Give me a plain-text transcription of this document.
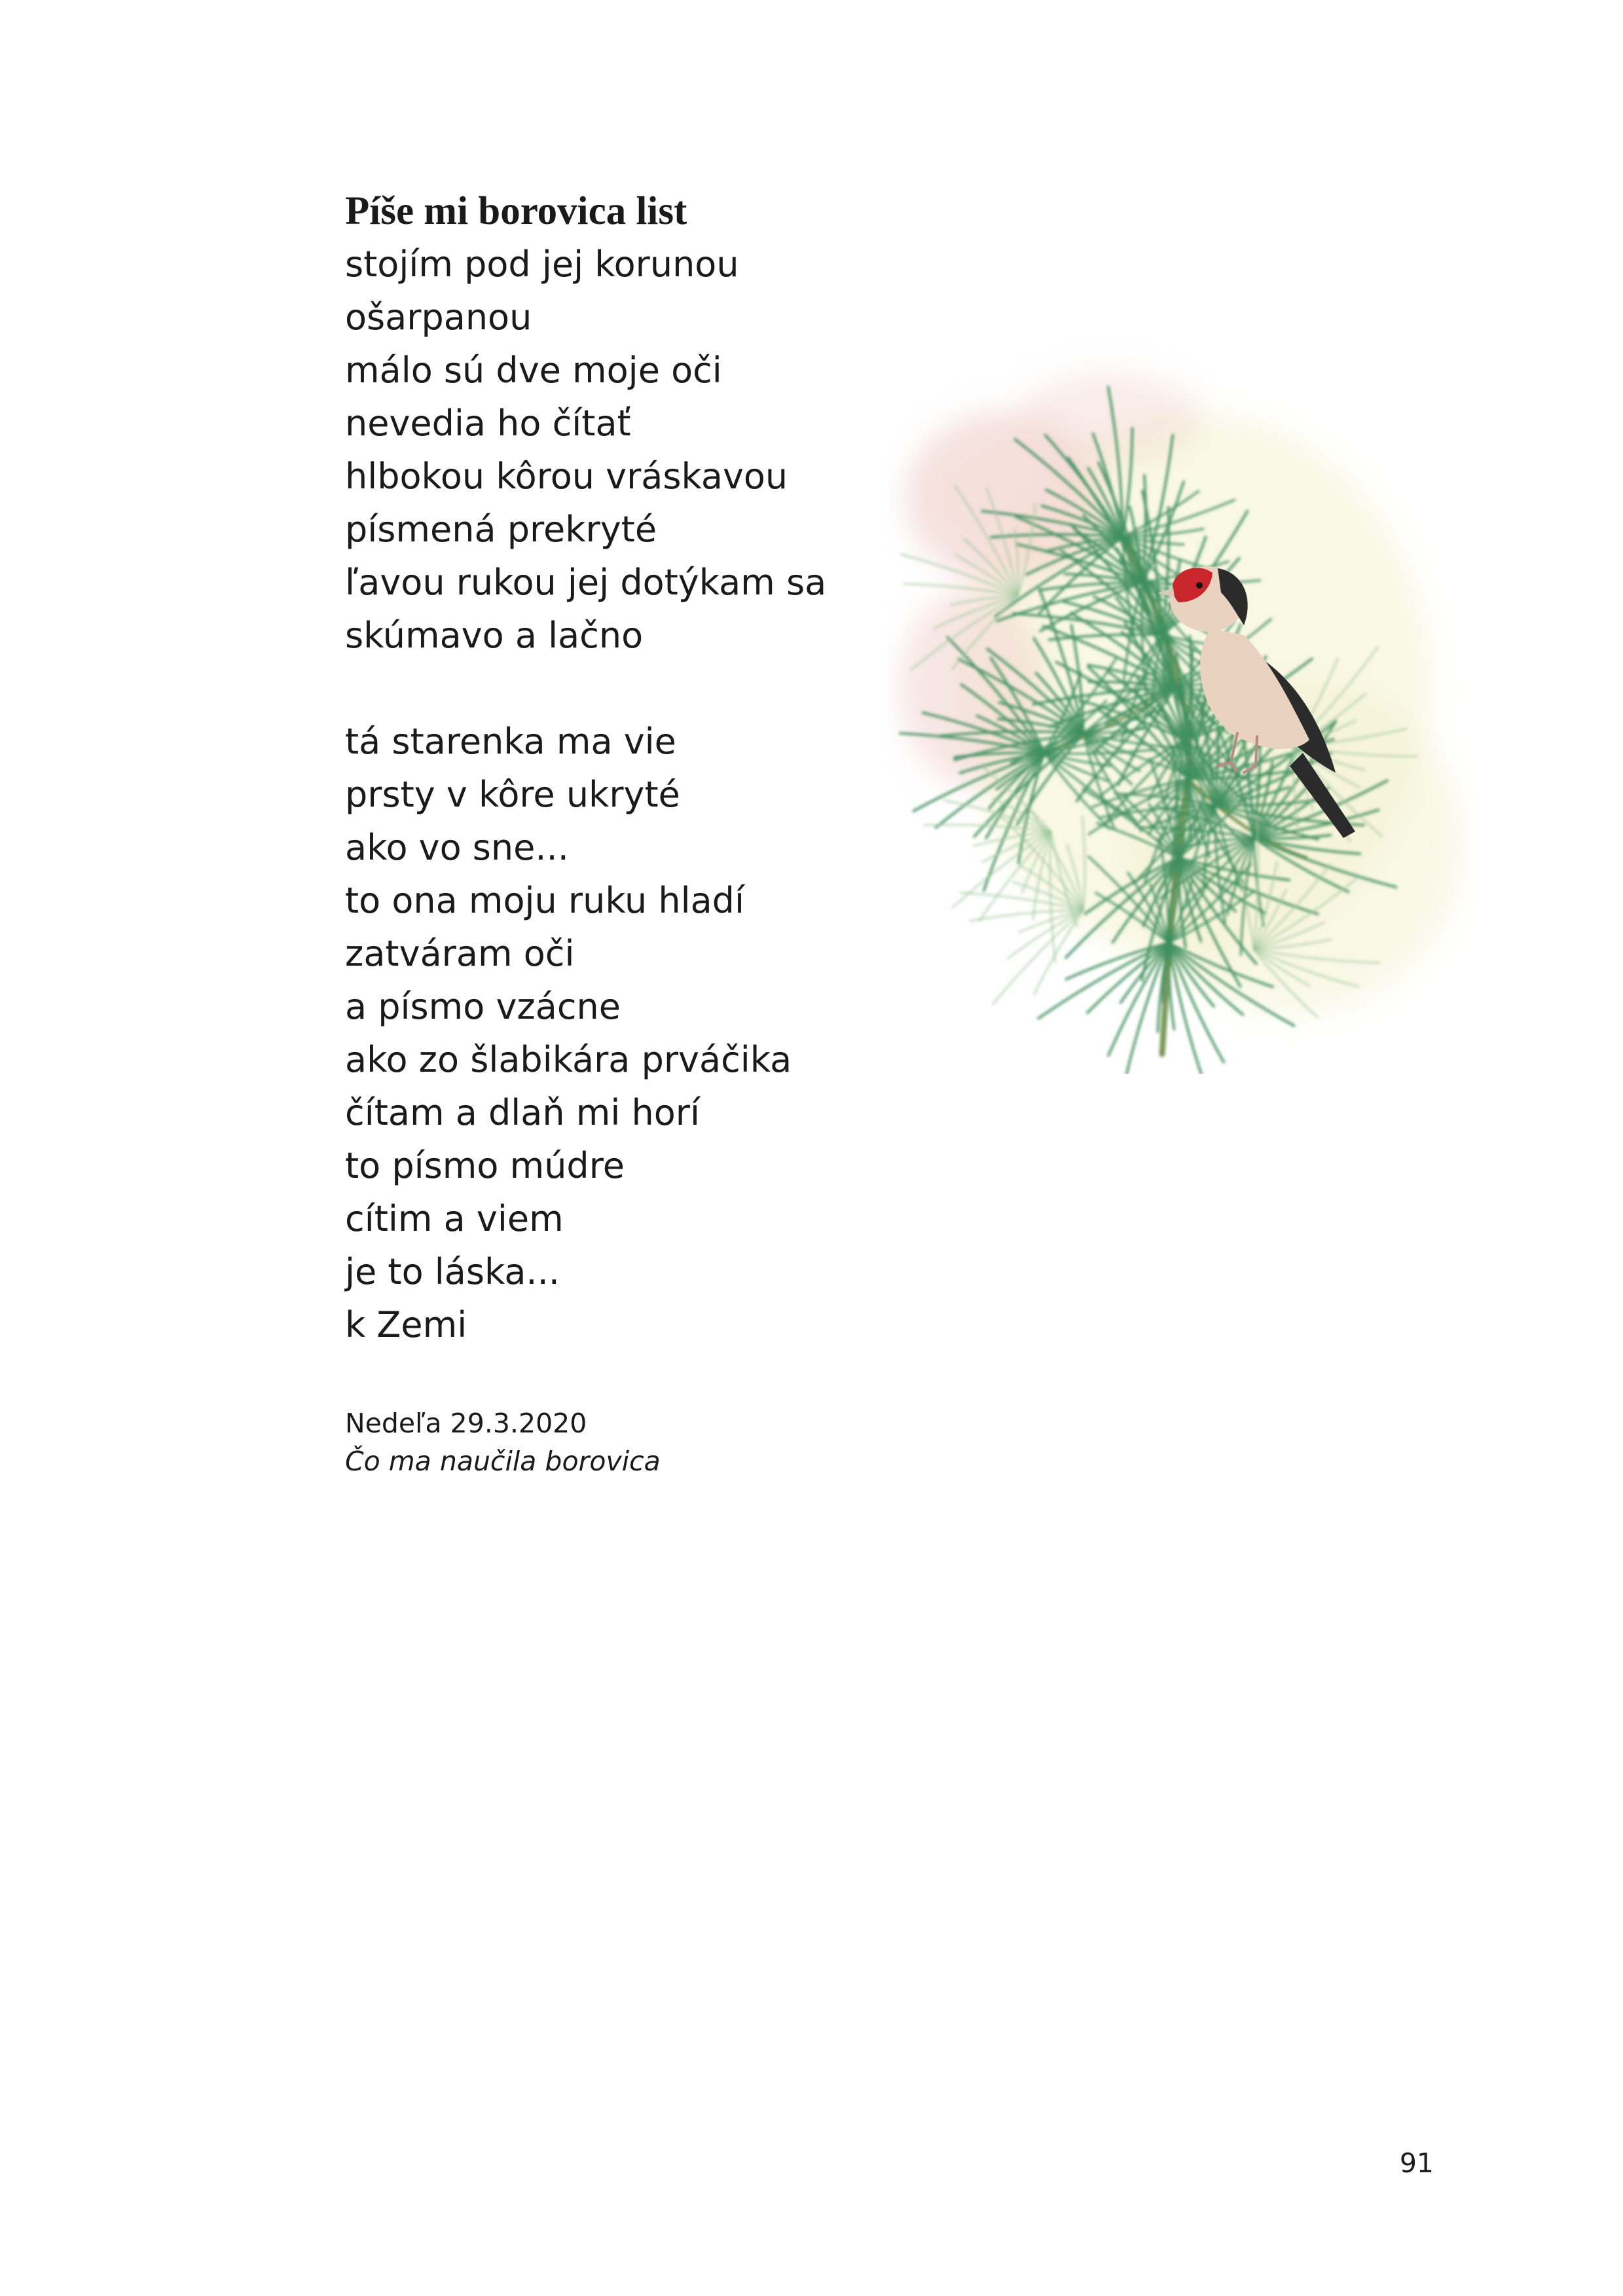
Píše mi borovica list
stojím pod jej korunou
ošarpanou
málo sú dve moje oči
nevedia ho čítať
hlbokou kôrou vráskavou
písmená prekryté
ľavou rukou jej dotýkam sa
skúmavo a lačno
tá starenka ma vie
prsty v kôre ukryté
ako vo sne...
to ona moju ruku hladí
zatváram oči
a písmo vzácne
ako zo šlabikára prváčika
čítam a dlaň mi horí
to písmo múdre
cítim a viem
je to láska...
k Zemi
Nedeľa 29.3.2020
Čo ma naučila borovica
91
